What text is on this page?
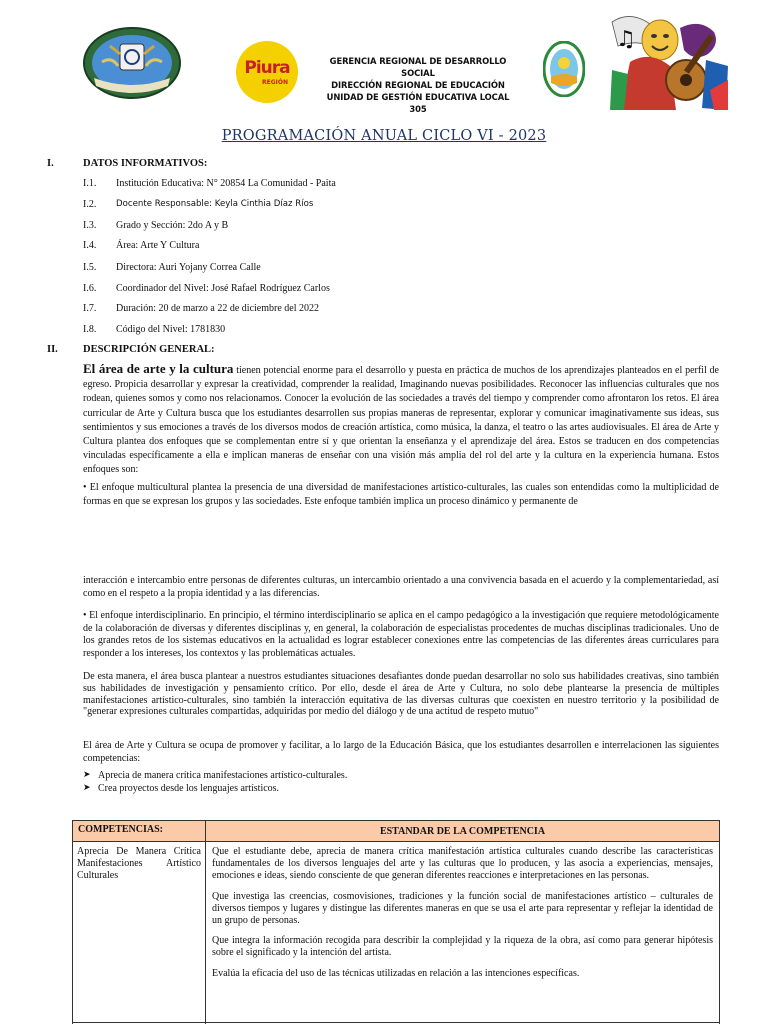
Piura
REGIÓN
GERENCIA REGIONAL DE DESARROLLO SOCIAL
DIRECCIÓN REGIONAL DE EDUCACIÓN
UNIDAD DE GESTIÓN EDUCATIVA LOCAL 305
♫
PROGRAMACIÓN ANUAL CICLO VI - 2023
I.	DATOS INFORMATIVOS:
I.1. Institución Educativa: N° 20854 La Comunidad - Paita
I.2. Docente Responsable: Keyla Cinthia Díaz Ríos
I.3. Grado y Sección: 2do A y B
I.4. Área: Arte Y Cultura
I.5. Directora: Auri Yojany Correa Calle
I.6. Coordinador del Nivel: José Rafael Rodríguez Carlos
I.7. Duración: 20 de marzo a 22 de diciembre del 2022
I.8. Código del Nivel: 1781830
II. DESCRIPCIÓN GENERAL:
El área de arte y la cultura tienen potencial enorme para el desarrollo y puesta en práctica de muchos de los aprendizajes planteados en el perfil de egreso. Propicia desarrollar y expresar la creatividad, comprender la realidad, Imaginando nuevas posibilidades. Reconocer las influencias culturales que nos rodean, quienes somos y como nos relacionamos. Conocer la evolución de las sociedades a través del tiempo y comprender como afrontaron los retos. El área curricular de Arte y Cultura busca que los estudiantes desarrollen sus propias maneras de representar, explorar y comunicar imaginativamente sus ideas, sus sentimientos y sus emociones a través de los diversos modos de creación artística, como música, la danza, el teatro o las artes audiovisuales. El área de Arte y Cultura plantea dos enfoques que se complementan entre sí y que orientan la enseñanza y el aprendizaje del área. Estos se traducen en dos competencias vinculadas específicamente a ella e implican maneras de enseñar con una visión más amplia del rol del arte y la cultura en la experiencia humana. Estos enfoques son:
• El enfoque multicultural plantea la presencia de una diversidad de manifestaciones artístico-culturales, las cuales son entendidas como la multiplicidad de formas en que se expresan los grupos y las sociedades. Este enfoque también implica un proceso dinámico y permanente de
interacción e intercambio entre personas de diferentes culturas, un intercambio orientado a una convivencia basada en el acuerdo y la complementariedad, así como en el respeto a la propia identidad y a las diferencias.
• El enfoque interdisciplinario. En principio, el término interdisciplinario se aplica en el campo pedagógico a la investigación que requiere metodológicamente de la colaboración de diversas y diferentes disciplinas y, en general, la colaboración de especialistas procedentes de muchas disciplinas tradicionales. Uno de los grandes retos de los sistemas educativos en la actualidad es lograr establecer conexiones entre las competencias de las diferentes áreas curriculares para responder a los intereses, los contextos y las problemáticas actuales.
De esta manera, el área busca plantear a nuestros estudiantes situaciones desafiantes donde puedan desarrollar no solo sus habilidades creativas, sino también sus habilidades de investigación y pensamiento crítico. Por ello, desde el área de Arte y Cultura, no solo debe plantearse la presencia de múltiples manifestaciones artístico-culturales, sino también la interacción equitativa de las diversas culturas que coexisten en nuestro territorio y la posibilidad de "generar expresiones culturales compartidas, adquiridas por medio del diálogo y de una actitud de respeto mutuo"
El área de Arte y Cultura se ocupa de promover y facilitar, a lo largo de la Educación Básica, que los estudiantes desarrollen e interrelacionen las siguientes competencias:
➤ Aprecia de manera crítica manifestaciones artístico-culturales.
➤ Crea proyectos desde los lenguajes artísticos.
COMPETENCIAS:	ESTANDAR DE LA COMPETENCIA
Aprecia De Manera Crítica Manifestaciones Artístico Culturales

Que el estudiante debe, aprecia de manera crítica manifestación artística culturales cuando describe las características fundamentales de los diversos lenguajes del arte y las culturas que lo producen, y las asocia a experiencias, mensajes, emociones e ideas, siendo consciente de que generan diferentes reacciones e interpretaciones en las personas.

Que investiga las creencias, cosmovisiones, tradiciones y la función social de manifestaciones artístico – culturales de diversos tiempos y lugares y distingue las diferentes maneras en que se usa el arte para representar y reflejar la identidad de un grupo de personas.

Que integra la información recogida para describir la complejidad y la riqueza de la obra, así como para generar hipótesis sobre el significado y la intención del artista.

Evalúa la eficacia del uso de las técnicas utilizadas en relación a las intenciones específicas.
